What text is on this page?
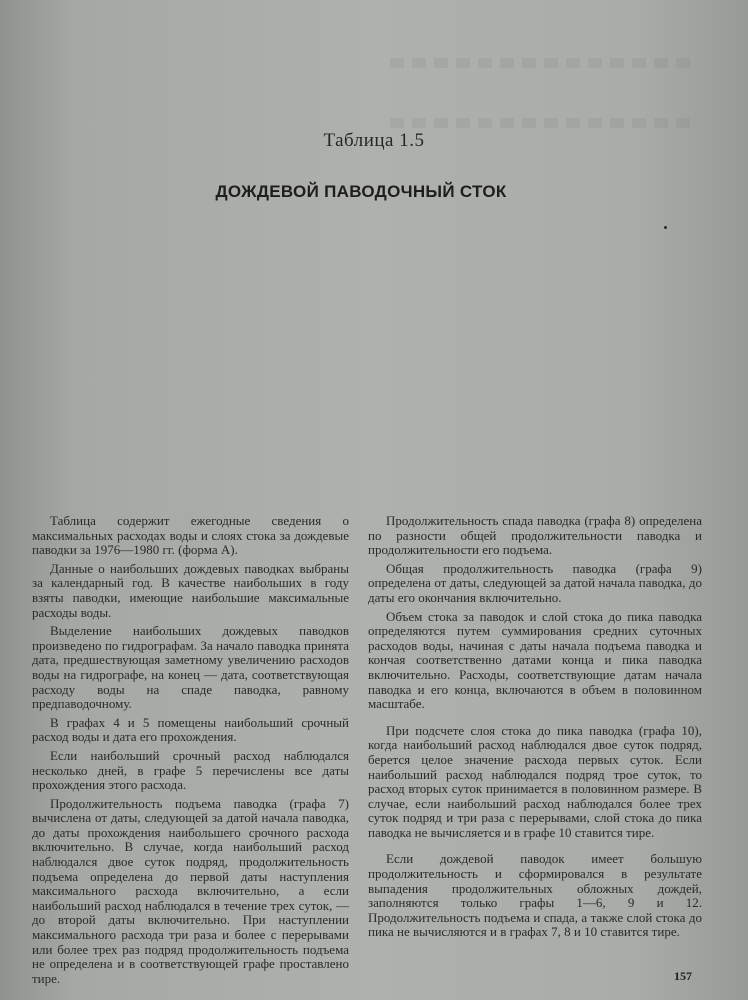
Таблица 1.5
ДОЖДЕВОЙ ПАВОДОЧНЫЙ СТОК

Таблица содержит ежегодные сведения о максимальных расходах воды и слоях стока за дождевые паводки за 1976—1980 гг. (форма А).

Данные о наибольших дождевых паводках выбраны за календарный год. В качестве наибольших в году взяты паводки, имеющие наибольшие максимальные расходы воды.

Выделение наибольших дождевых паводков произведено по гидрографам. За начало паводка принята дата, предшествующая заметному увеличению расходов воды на гидрографе, на конец — дата, соответствующая расходу воды на спаде паводка, равному предпаводочному.

В графах 4 и 5 помещены наибольший срочный расход воды и дата его прохождения.

Если наибольший срочный расход наблюдался несколько дней, в графе 5 перечислены все даты прохождения этого расхода.

Продолжительность подъема паводка (графа 7) вычислена от даты, следующей за датой начала паводка, до даты прохождения наибольшего срочного расхода включительно. В случае, когда наибольший расход наблюдался двое суток подряд, продолжительность подъема определена до первой даты наступления максимального расхода включительно, а если наибольший расход наблюдался в течение трех суток, — до второй даты включительно. При наступлении максимального расхода три раза и более с перерывами или более трех раз подряд продолжительность подъема не определена и в соответствующей графе проставлено тире.

Продолжительность спада паводка (графа 8) определена по разности общей продолжительности паводка и продолжительности его подъема.

Общая продолжительность паводка (графа 9) определена от даты, следующей за датой начала паводка, до даты его окончания включительно.

Объем стока за паводок и слой стока до пика паводка определяются путем суммирования средних суточных расходов воды, начиная с даты начала подъема паводка и кончая соответственно датами конца и пика паводка включительно. Расходы, соответствующие датам начала паводка и его конца, включаются в объем в половинном масштабе.

При подсчете слоя стока до пика паводка (графа 10), когда наибольший расход наблюдался двое суток подряд, берется целое значение расхода первых суток. Если наибольший расход наблюдался подряд трое суток, то расход вторых суток принимается в половинном размере. В случае, если наибольший расход наблюдался более трех суток подряд и три раза с перерывами, слой стока до пика паводка не вычисляется и в графе 10 ставится тире.

Если дождевой паводок имеет большую продолжительность и сформировался в результате выпадения продолжительных обложных дождей, заполняются только графы 1—6, 9 и 12. Продолжительность подъема и спада, а также слой стока до пика не вычисляются и в графах 7, 8 и 10 ставится тире.

157
